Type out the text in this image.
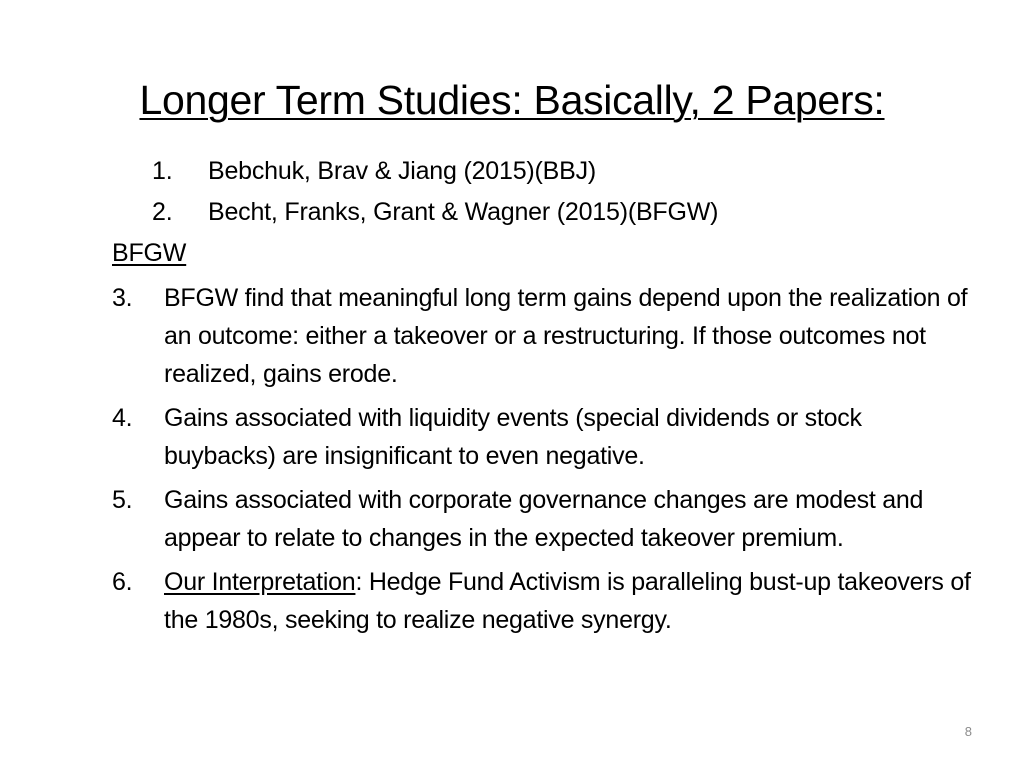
Longer Term Studies: Basically, 2 Papers:
1. Bebchuk, Brav & Jiang (2015)(BBJ)
2. Becht, Franks, Grant & Wagner (2015)(BFGW)
BFGW
3. BFGW find that meaningful long term gains depend upon the realization of an outcome: either a takeover or a restructuring. If those outcomes not realized, gains erode.
4. Gains associated with liquidity events (special dividends or stock buybacks) are insignificant to even negative.
5. Gains associated with corporate governance changes are modest and appear to relate to changes in the expected takeover premium.
6. Our Interpretation: Hedge Fund Activism is paralleling bust-up takeovers of the 1980s, seeking to realize negative synergy.
8
